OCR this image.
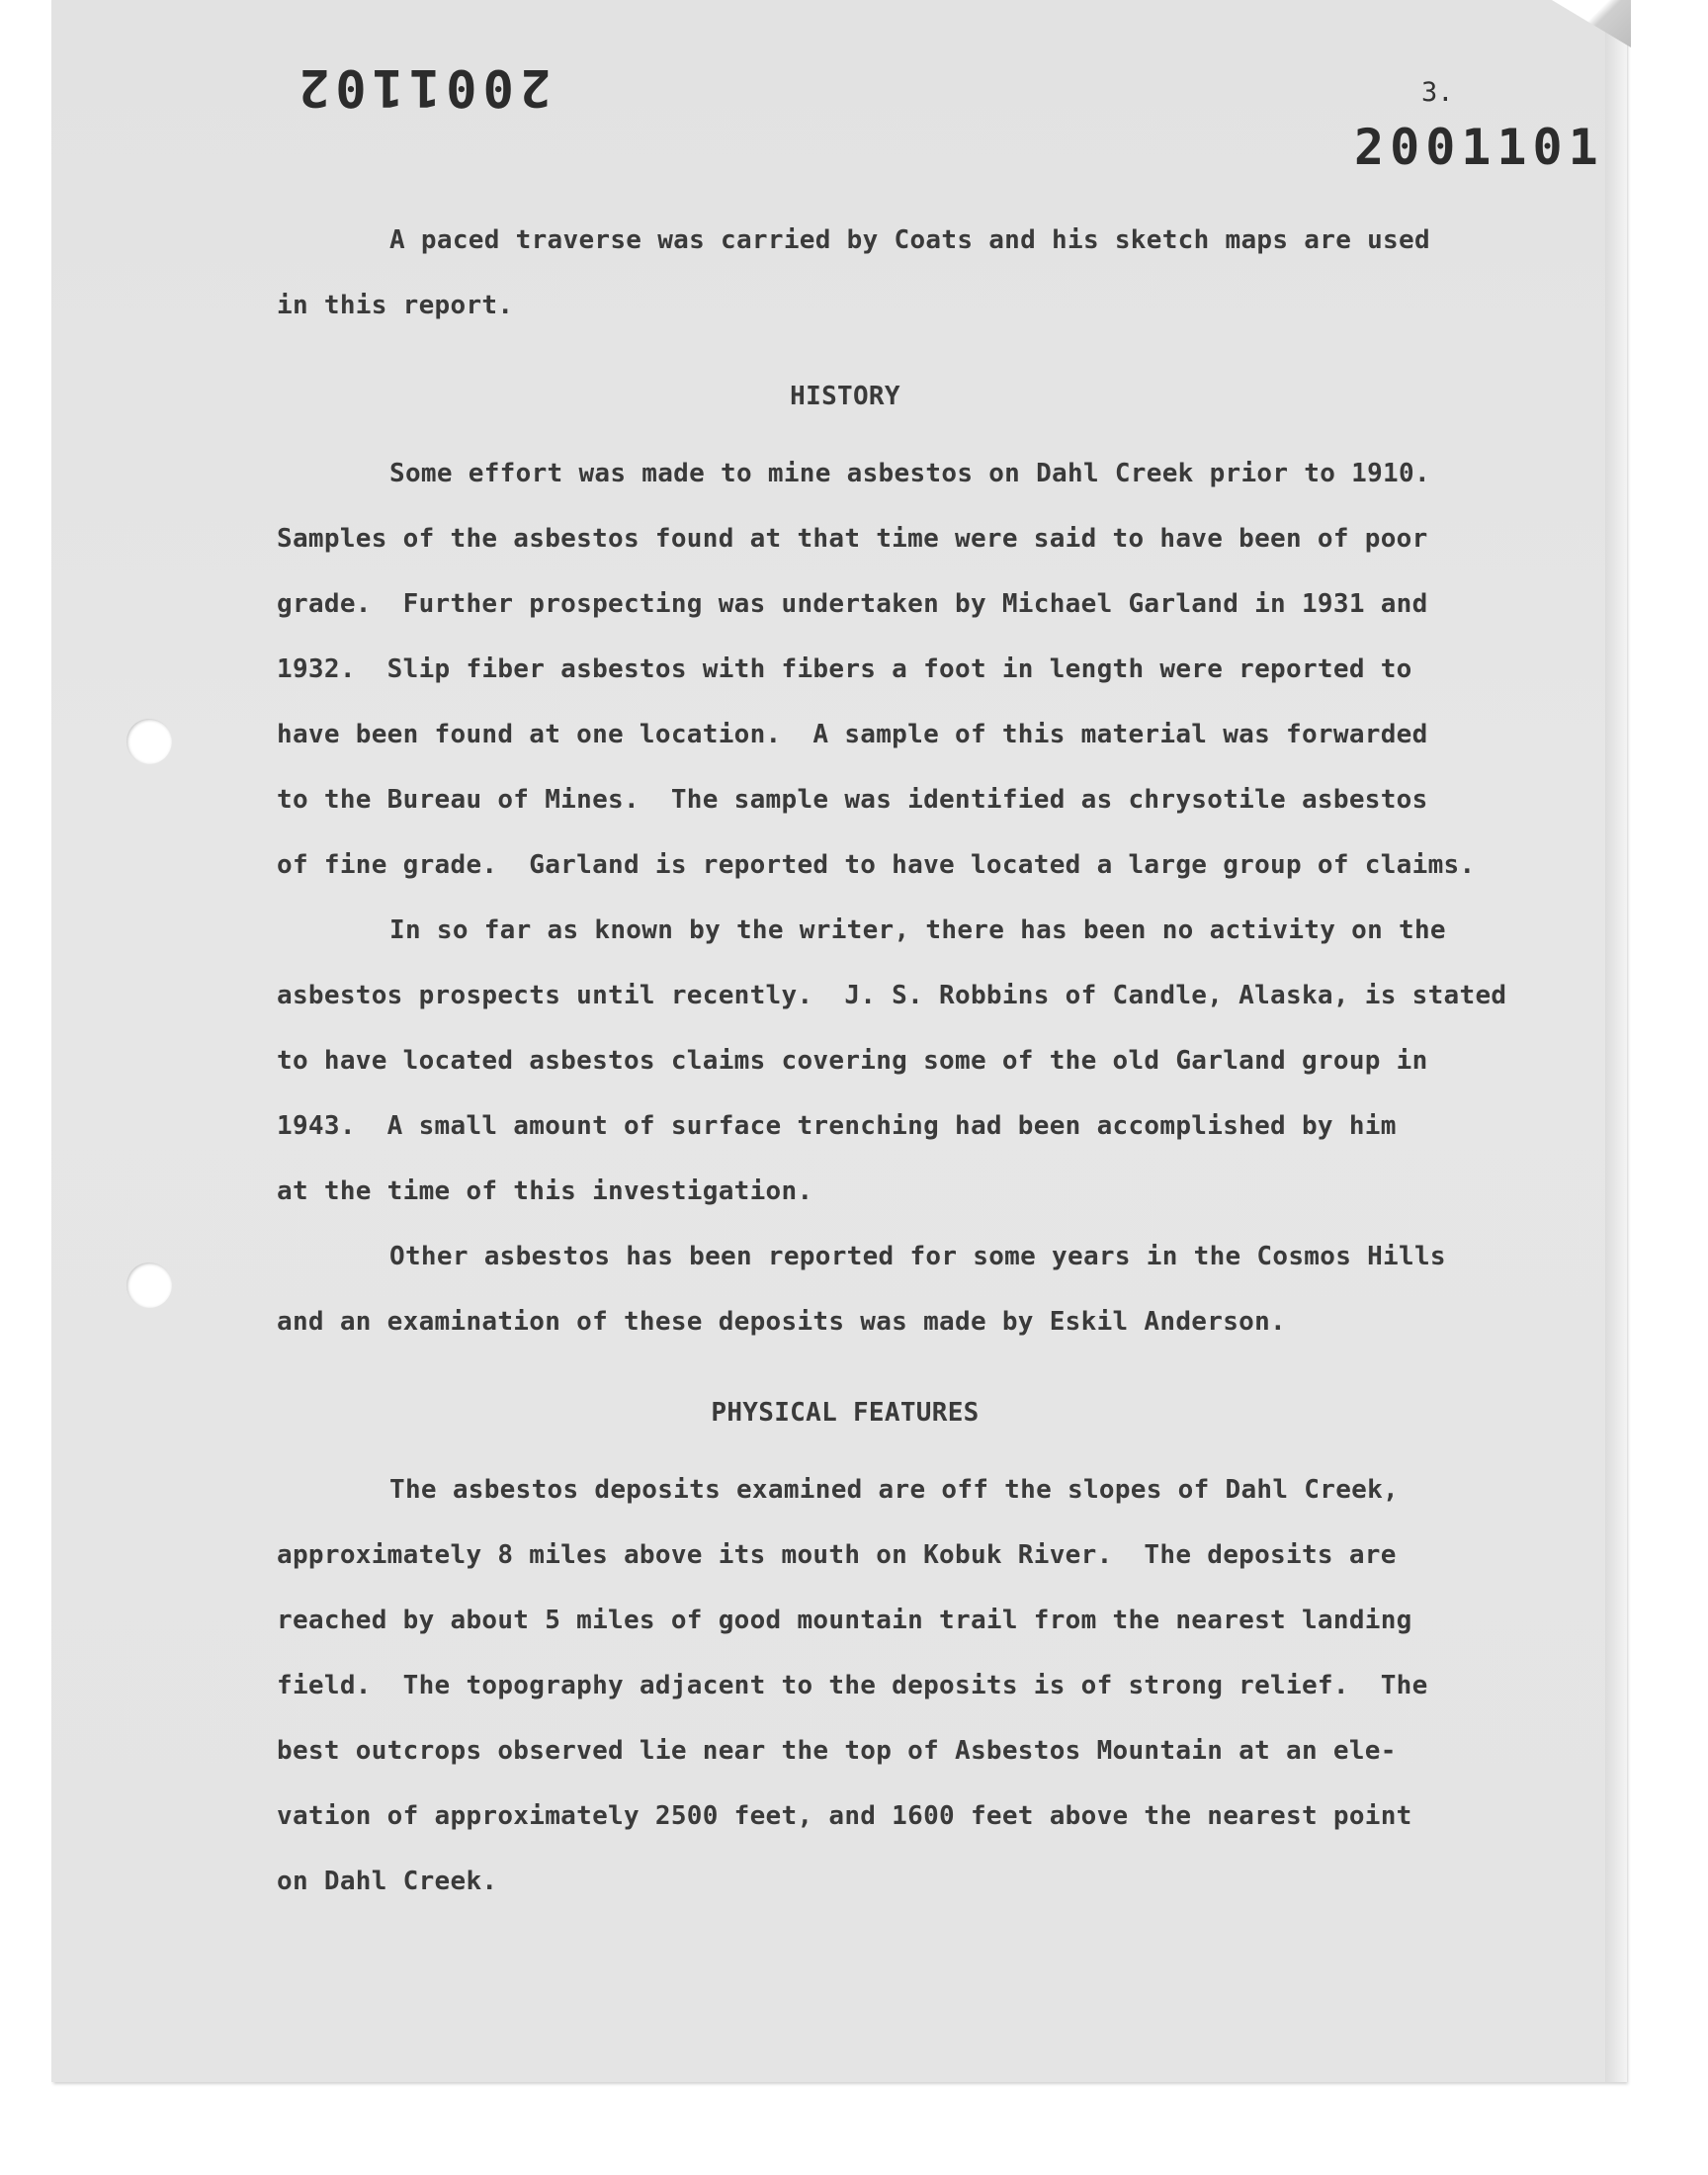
2001102	3.
2001101
A paced traverse was carried by Coats and his sketch maps are used
in this report.
HISTORY
Some effort was made to mine asbestos on Dahl Creek prior to 1910.
Samples of the asbestos found at that time were said to have been of poor
grade.  Further prospecting was undertaken by Michael Garland in 1931 and
1932.  Slip fiber asbestos with fibers a foot in length were reported to
have been found at one location.  A sample of this material was forwarded
to the Bureau of Mines.  The sample was identified as chrysotile asbestos
of fine grade.  Garland is reported to have located a large group of claims.
In so far as known by the writer, there has been no activity on the
asbestos prospects until recently.  J. S. Robbins of Candle, Alaska, is stated
to have located asbestos claims covering some of the old Garland group in
1943.  A small amount of surface trenching had been accomplished by him
at the time of this investigation.
Other asbestos has been reported for some years in the Cosmos Hills
and an examination of these deposits was made by Eskil Anderson.
PHYSICAL FEATURES
The asbestos deposits examined are off the slopes of Dahl Creek,
approximately 8 miles above its mouth on Kobuk River.  The deposits are
reached by about 5 miles of good mountain trail from the nearest landing
field.  The topography adjacent to the deposits is of strong relief.  The
best outcrops observed lie near the top of Asbestos Mountain at an ele-
vation of approximately 2500 feet, and 1600 feet above the nearest point
on Dahl Creek.
